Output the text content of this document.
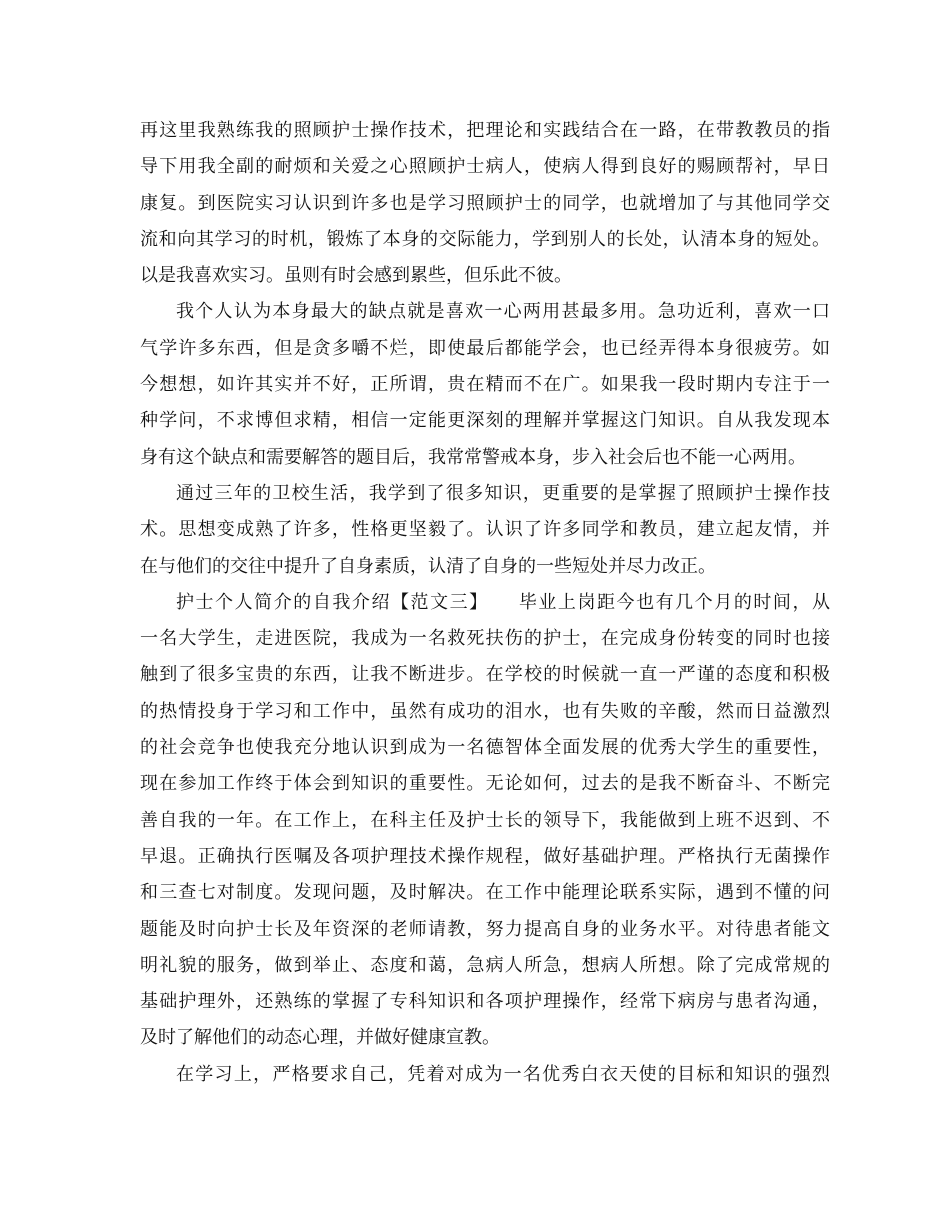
再这里我熟练我的照顾护士操作技术，把理论和实践结合在一路，在带教教员的指
导下用我全副的耐烦和关爱之心照顾护士病人，使病人得到良好的赐顾帮衬，早日
康复。到医院实习认识到许多也是学习照顾护士的同学，也就增加了与其他同学交
流和向其学习的时机，锻炼了本身的交际能力，学到别人的长处，认清本身的短处。
以是我喜欢实习。虽则有时会感到累些，但乐此不彼。
我个人认为本身最大的缺点就是喜欢一心两用甚最多用。急功近利，喜欢一口
气学许多东西，但是贪多嚼不烂，即使最后都能学会，也已经弄得本身很疲劳。如
今想想，如许其实并不好，正所谓，贵在精而不在广。如果我一段时期内专注于一
种学问，不求博但求精，相信一定能更深刻的理解并掌握这门知识。自从我发现本
身有这个缺点和需要解答的题目后，我常常警戒本身，步入社会后也不能一心两用。
通过三年的卫校生活，我学到了很多知识，更重要的是掌握了照顾护士操作技
术。思想变成熟了许多，性格更坚毅了。认识了许多同学和教员，建立起友情，并
在与他们的交往中提升了自身素质，认清了自身的一些短处并尽力改正。
护士个人简介的自我介绍【范文三】　　毕业上岗距今也有几个月的时间，从
一名大学生，走进医院，我成为一名救死扶伤的护士，在完成身份转变的同时也接
触到了很多宝贵的东西，让我不断进步。在学校的时候就一直一严谨的态度和积极
的热情投身于学习和工作中，虽然有成功的泪水，也有失败的辛酸，然而日益激烈
的社会竞争也使我充分地认识到成为一名德智体全面发展的优秀大学生的重要性，
现在参加工作终于体会到知识的重要性。无论如何，过去的是我不断奋斗、不断完
善自我的一年。在工作上，在科主任及护士长的领导下，我能做到上班不迟到、不
早退。正确执行医嘱及各项护理技术操作规程，做好基础护理。严格执行无菌操作
和三查七对制度。发现问题，及时解决。在工作中能理论联系实际，遇到不懂的问
题能及时向护士长及年资深的老师请教，努力提高自身的业务水平。对待患者能文
明礼貌的服务，做到举止、态度和蔼，急病人所急，想病人所想。除了完成常规的
基础护理外，还熟练的掌握了专科知识和各项护理操作，经常下病房与患者沟通，
及时了解他们的动态心理，并做好健康宣教。
在学习上，严格要求自己，凭着对成为一名优秀白衣天使的目标和知识的强烈
